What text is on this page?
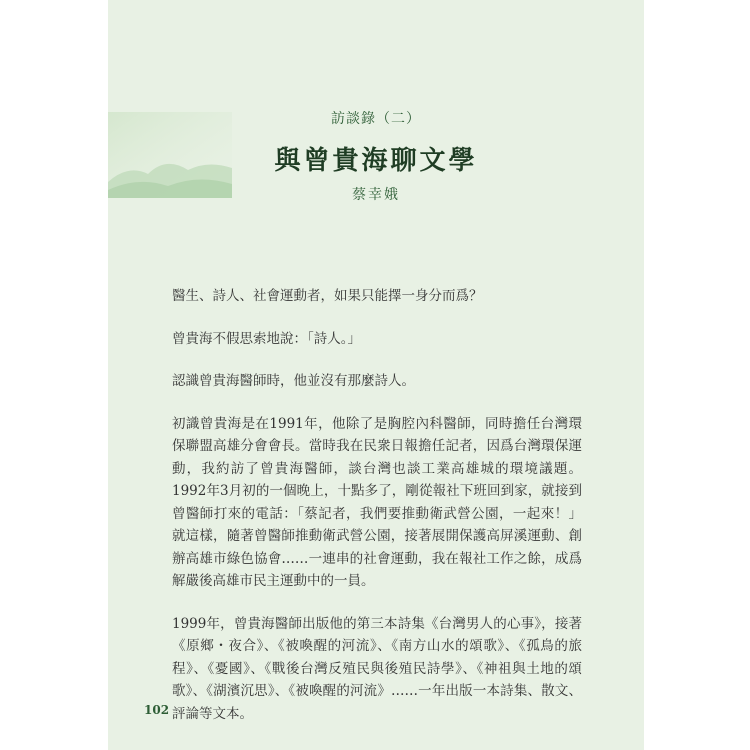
訪談錄（二）
與曾貴海聊文學
蔡幸娥

醫生、詩人、社會運動者，如果只能擇一身分而爲？

曾貴海不假思索地說：「詩人。」

認識曾貴海醫師時，他並沒有那麼詩人。

初識曾貴海是在1991年，他除了是胸腔內科醫師，同時擔任台灣環保聯盟高雄分會會長。當時我在民衆日報擔任記者，因爲台灣環保運動，我約訪了曾貴海醫師，談台灣也談工業高雄城的環境議題。1992年3月初的一個晚上，十點多了，剛從報社下班回到家，就接到曾醫師打來的電話：「蔡記者，我們要推動衛武營公園，一起來！」就這樣，隨著曾醫師推動衛武營公園，接著展開保護高屏溪運動、創辦高雄市綠色協會……一連串的社會運動，我在報社工作之餘，成爲解嚴後高雄市民主運動中的一員。

1999年，曾貴海醫師出版他的第三本詩集《台灣男人的心事》，接著《原鄉・夜合》、《被喚醒的河流》、《南方山水的頌歌》、《孤鳥的旅程》、《憂國》、《戰後台灣反殖民與後殖民詩學》、《神祖與土地的頌歌》、《湖濱沉思》、《被喚醒的河流》……一年出版一本詩集、散文、評論等文本。

102
